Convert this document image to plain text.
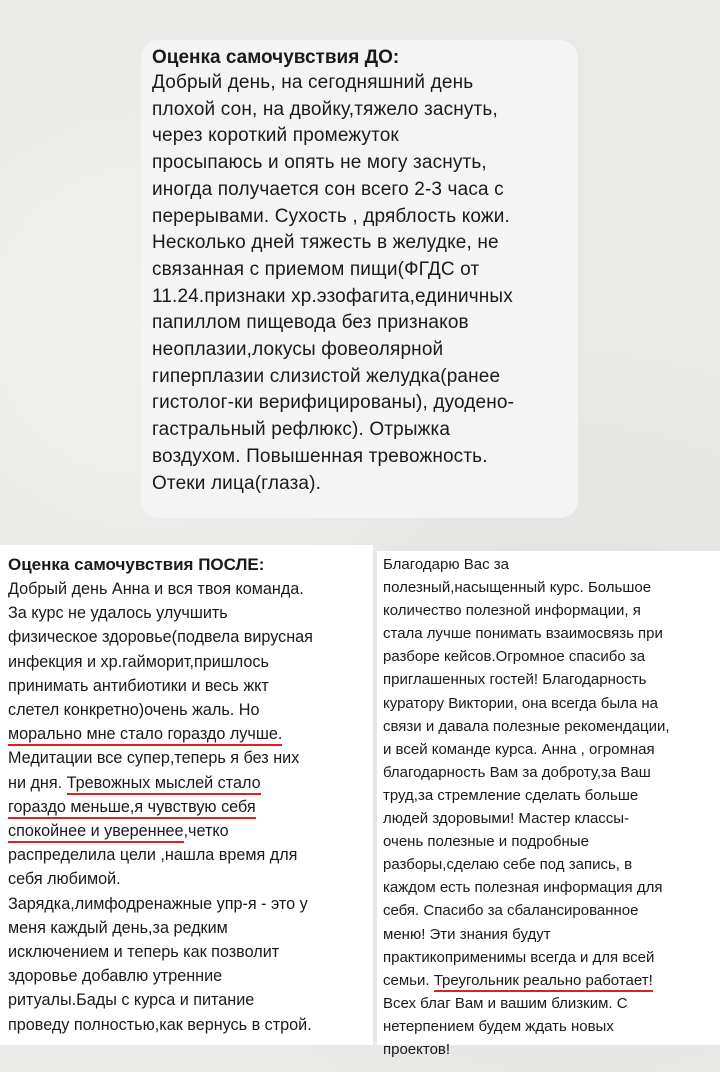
Оценка самочувствия ДО:
Добрый день, на сегодняшний день
плохой сон, на двойку,тяжело заснуть,
через короткий промежуток
просыпаюсь и опять не могу заснуть,
иногда получается сон всего 2-3 часа с
перерывами. Сухость , дряблость кожи.
Несколько дней тяжесть в желудке, не
связанная с приемом пищи(ФГДС от
11.24.признаки хр.эзофагита,единичных
папиллом пищевода без признаков
неоплазии,локусы фовеолярной
гиперплазии слизистой желудка(ранее
гистолог-ки верифицированы), дуодено-
гастральный рефлюкс). Отрыжка
воздухом. Повышенная тревожность.
Отеки лица(глаза).
Оценка самочувствия ПОСЛЕ:
Добрый день Анна и вся твоя команда.
За курс не удалось улучшить
физическое здоровье(подвела вирусная
инфекция и хр.гайморит,пришлось
принимать антибиотики и весь жкт
слетел конкретно)очень жаль. Но
морально мне стало гораздо лучше.
Медитации все супер,теперь я без них
ни дня. Тревожных мыслей стало
гораздо меньше,я чувствую себя
спокойнее и увереннее,четко
распределила цели ,нашла время для
себя любимой.
Зарядка,лимфодренажные упр-я - это у
меня каждый день,за редким
исключением и теперь как позволит
здоровье добавлю утренние
ритуалы.Бады с курса и питание
проведу полностью,как вернусь в строй.
Благодарю Вас за
полезный,насыщенный курс. Большое
количество полезной информации, я
стала лучше понимать взаимосвязь при
разборе кейсов.Огромное спасибо за
приглашенных гостей! Благодарность
куратору Виктории, она всегда была на
связи и давала полезные рекомендации,
и всей команде курса. Анна , огромная
благодарность Вам за доброту,за Ваш
труд,за стремление сделать больше
людей здоровыми! Мастер классы-
очень полезные и подробные
разборы,сделаю себе под запись, в
каждом есть полезная информация для
себя. Спасибо за сбалансированное
меню! Эти знания будут
практикоприменимы всегда и для всей
семьи. Треугольник реально работает!
Всех благ Вам и вашим близким. С
нетерпением будем ждать новых
проектов!
